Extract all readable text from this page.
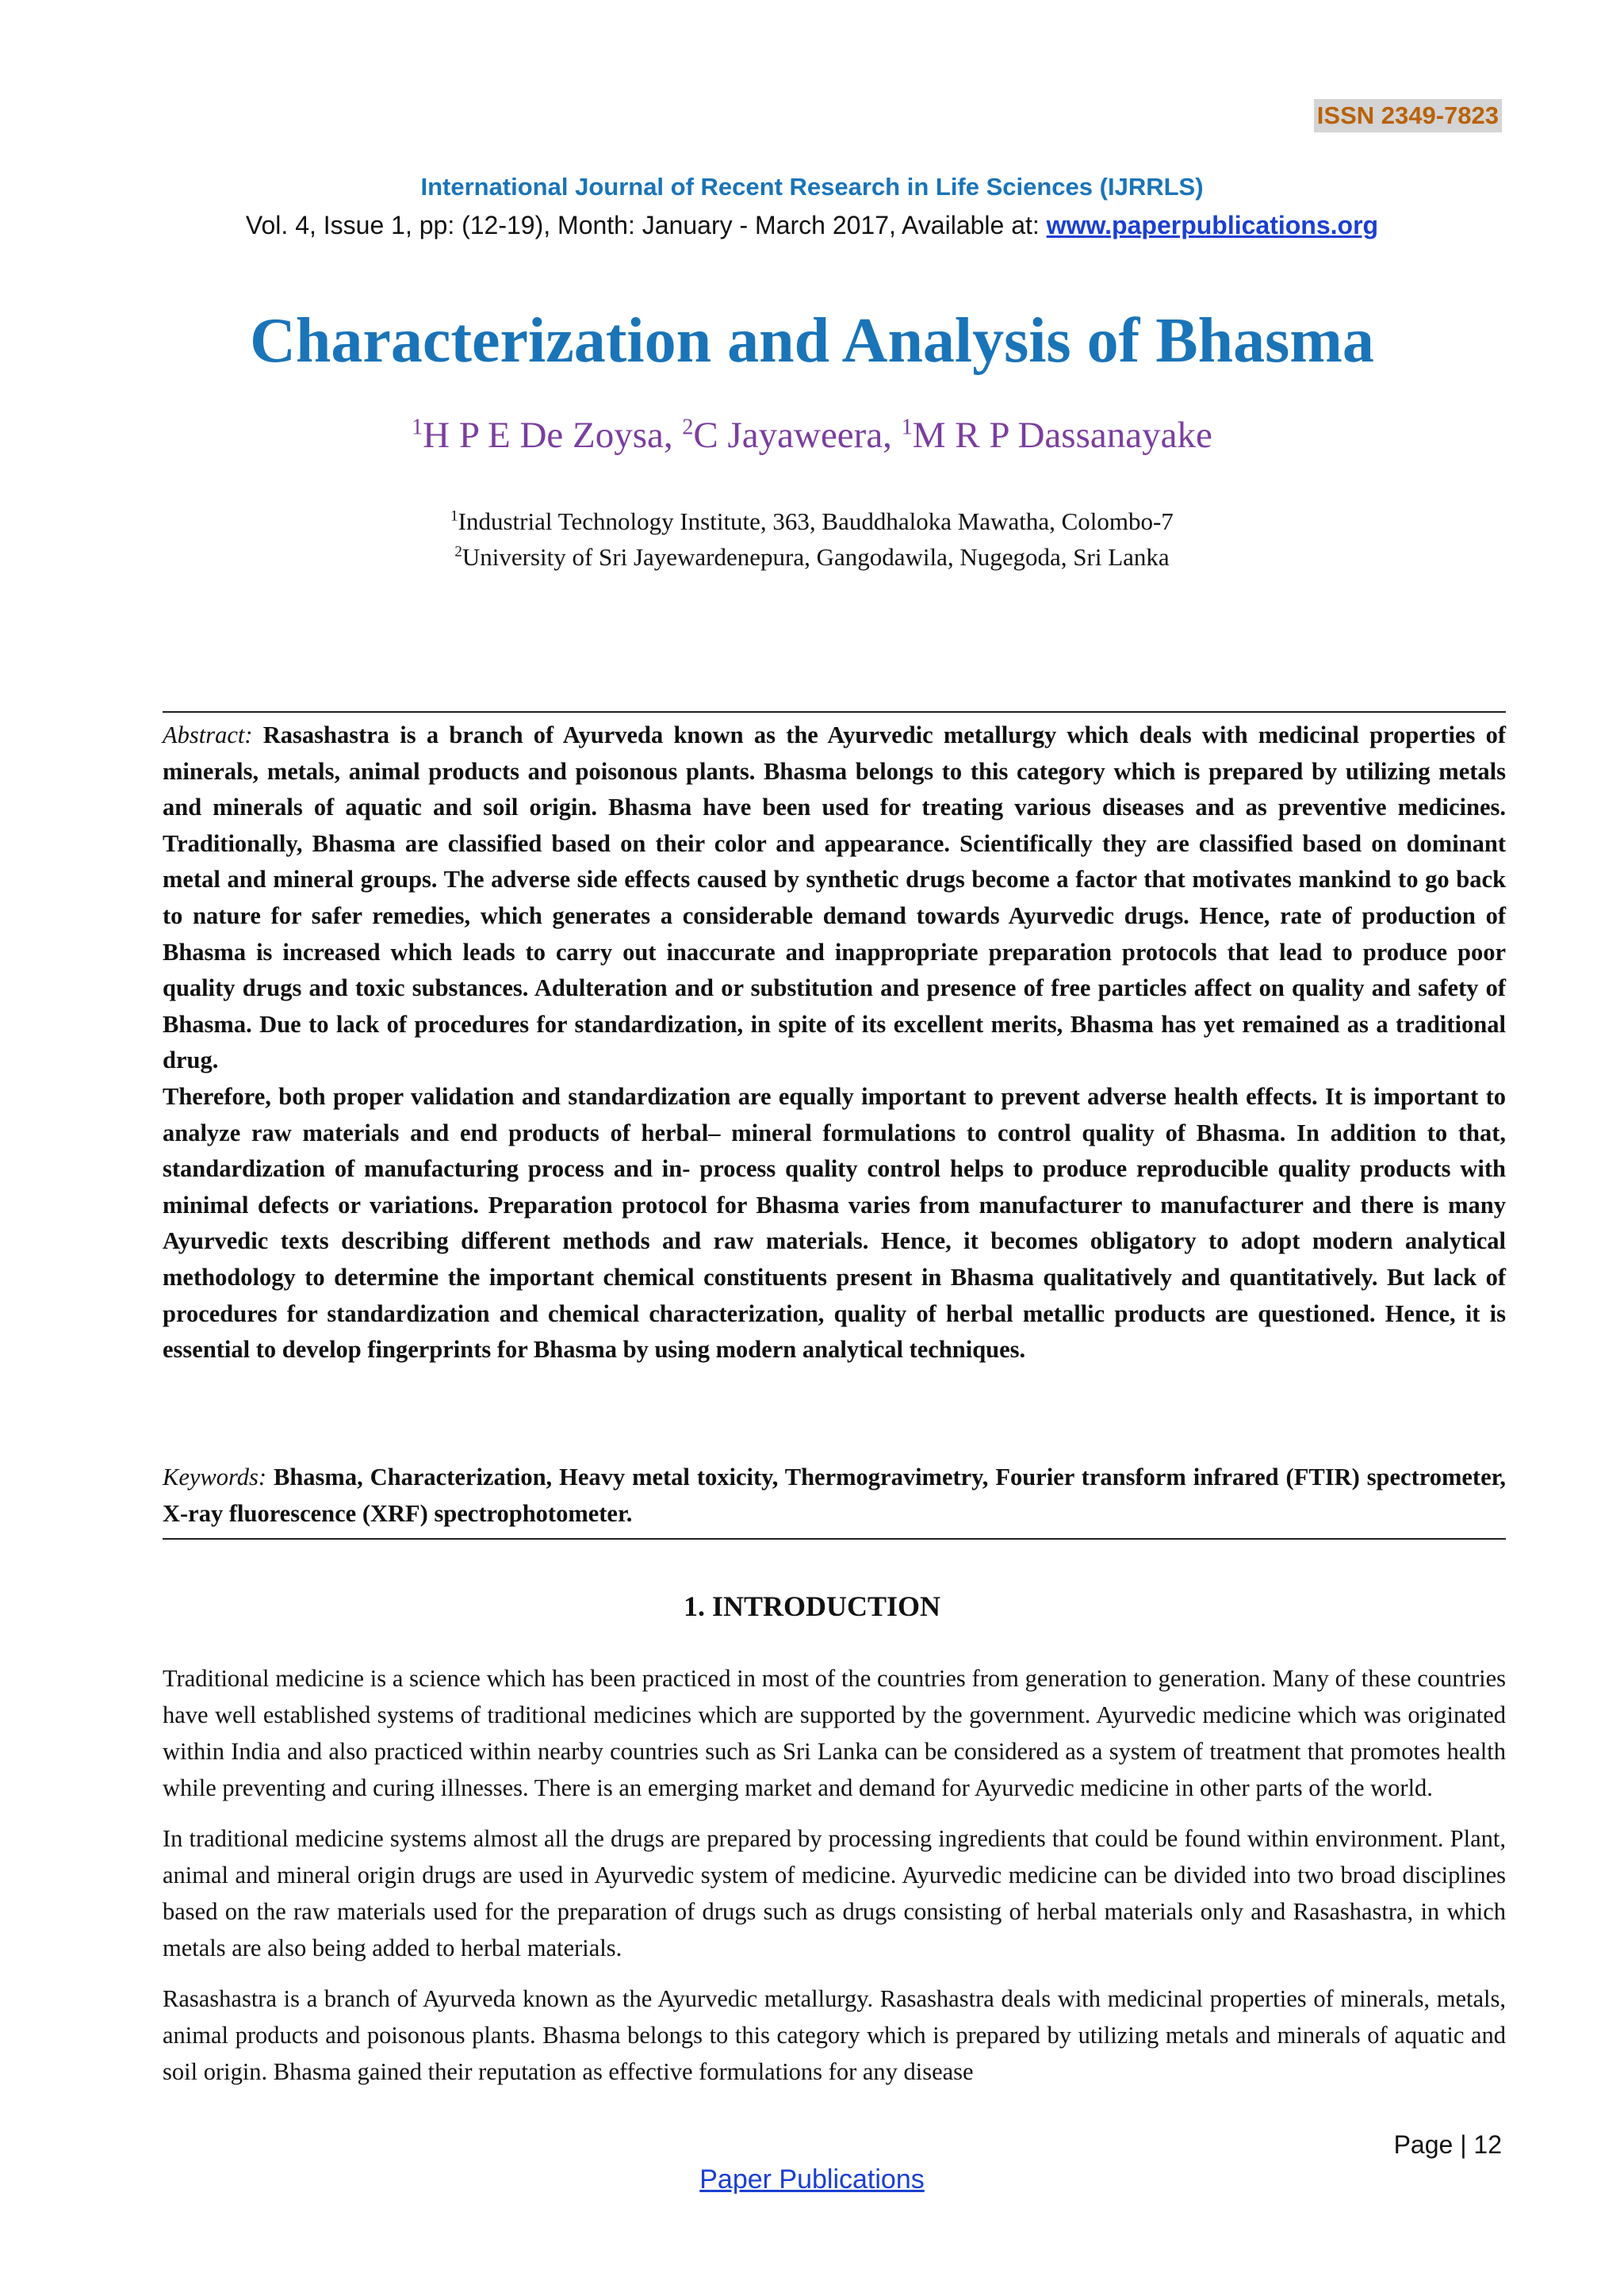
ISSN 2349-7823
International Journal of Recent Research in Life Sciences (IJRRLS)
Vol. 4, Issue 1, pp: (12-19), Month: January - March 2017, Available at: www.paperpublications.org
Characterization and Analysis of Bhasma
$^1$H P E De Zoysa, $^2$C Jayaweera, $^1$M R P Dassanayake
$^1$Industrial Technology Institute, 363, Bauddhaloka Mawatha, Colombo-7
$^2$University of Sri Jayewardenepura, Gangodawila, Nugegoda, Sri Lanka

Abstract: Rasashastra is a branch of Ayurveda known as the Ayurvedic metallurgy which deals with medicinal properties of minerals, metals, animal products and poisonous plants. Bhasma belongs to this category which is prepared by utilizing metals and minerals of aquatic and soil origin. Bhasma have been used for treating various diseases and as preventive medicines. Traditionally, Bhasma are classified based on their color and appearance. Scientifically they are classified based on dominant metal and mineral groups. The adverse side effects caused by synthetic drugs become a factor that motivates mankind to go back to nature for safer remedies, which generates a considerable demand towards Ayurvedic drugs. Hence, rate of production of Bhasma is increased which leads to carry out inaccurate and inappropriate preparation protocols that lead to produce poor quality drugs and toxic substances. Adulteration and or substitution and presence of free particles affect on quality and safety of Bhasma. Due to lack of procedures for standardization, in spite of its excellent merits, Bhasma has yet remained as a traditional drug.

Therefore, both proper validation and standardization are equally important to prevent adverse health effects. It is important to analyze raw materials and end products of herbal– mineral formulations to control quality of Bhasma. In addition to that, standardization of manufacturing process and in- process quality control helps to produce reproducible quality products with minimal defects or variations. Preparation protocol for Bhasma varies from manufacturer to manufacturer and there is many Ayurvedic texts describing different methods and raw materials. Hence, it becomes obligatory to adopt modern analytical methodology to determine the important chemical constituents present in Bhasma qualitatively and quantitatively. But lack of procedures for standardization and chemical characterization, quality of herbal metallic products are questioned. Hence, it is essential to develop fingerprints for Bhasma by using modern analytical techniques.

Keywords: Bhasma, Characterization, Heavy metal toxicity, Thermogravimetry, Fourier transform infrared (FTIR) spectrometer, X-ray fluorescence (XRF) spectrophotometer.
1. INTRODUCTION

Traditional medicine is a science which has been practiced in most of the countries from generation to generation. Many of these countries have well established systems of traditional medicines which are supported by the government. Ayurvedic medicine which was originated within India and also practiced within nearby countries such as Sri Lanka can be considered as a system of treatment that promotes health while preventing and curing illnesses. There is an emerging market and demand for Ayurvedic medicine in other parts of the world.

In traditional medicine systems almost all the drugs are prepared by processing ingredients that could be found within environment. Plant, animal and mineral origin drugs are used in Ayurvedic system of medicine. Ayurvedic medicine can be divided into two broad disciplines based on the raw materials used for the preparation of drugs such as drugs consisting of herbal materials only and Rasashastra, in which metals are also being added to herbal materials.

Rasashastra is a branch of Ayurveda known as the Ayurvedic metallurgy. Rasashastra deals with medicinal properties of minerals, metals, animal products and poisonous plants. Bhasma belongs to this category which is prepared by utilizing metals and minerals of aquatic and soil origin. Bhasma gained their reputation as effective formulations for any disease

Page | 12
Paper Publications
